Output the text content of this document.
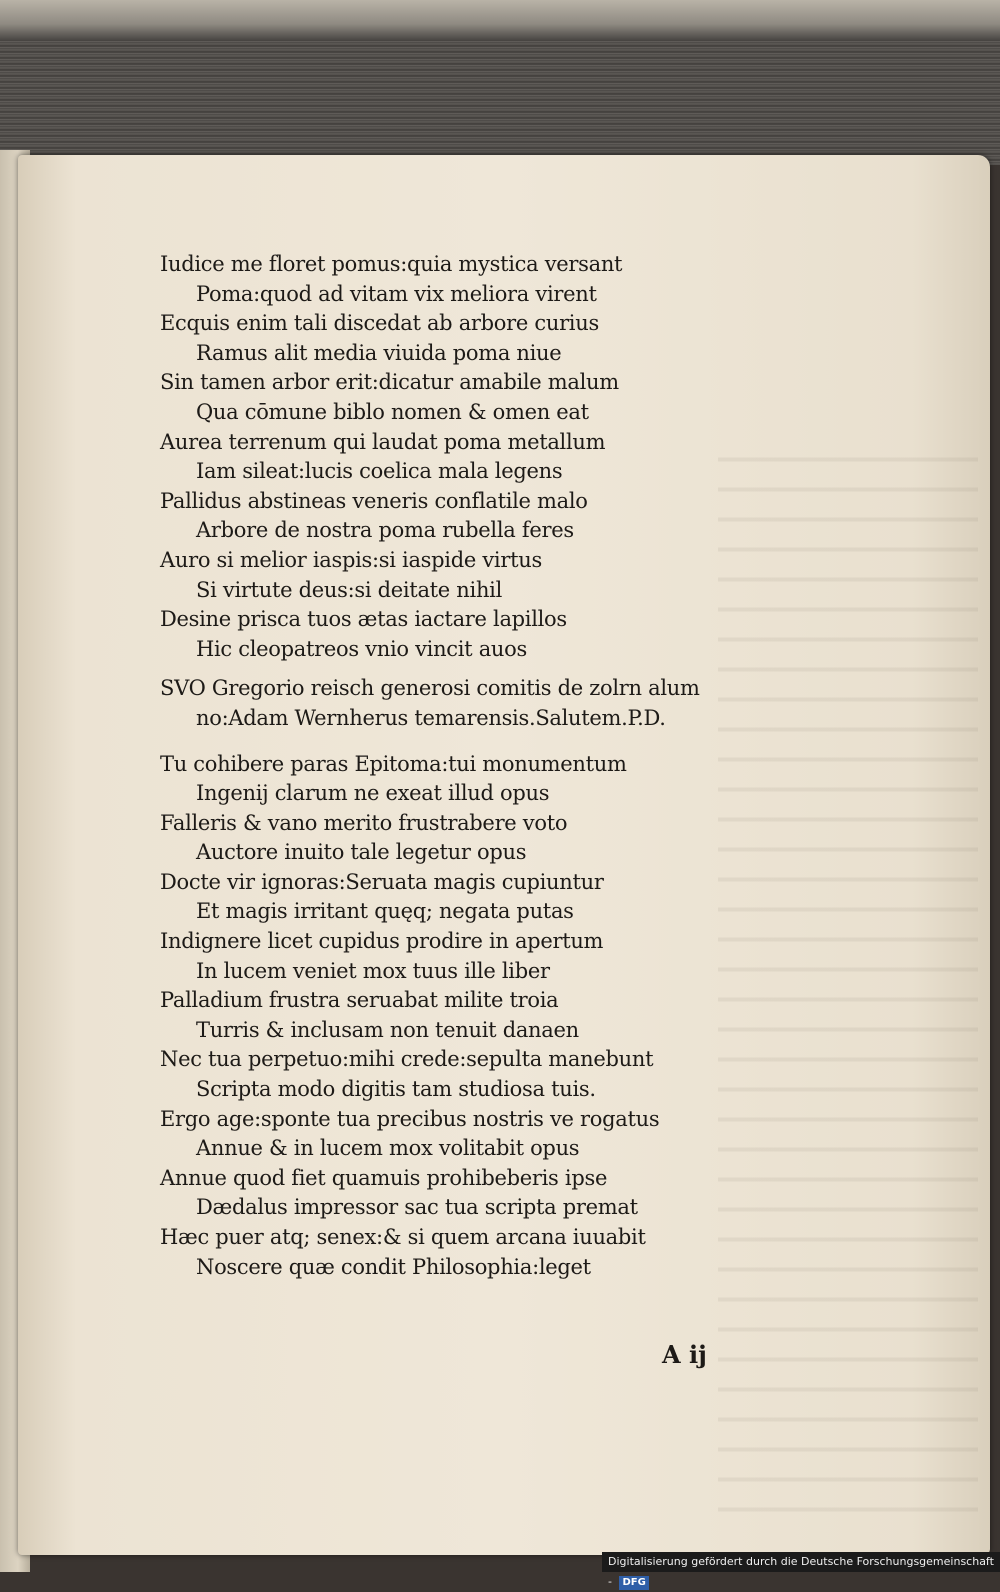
Iudice me floret pomus:quia mystica versant

Poma:quod ad vitam vix meliora virent

Ecquis enim tali discedat ab arbore curius

Ramus alit media viuida poma niue

Sin tamen arbor erit:dicatur amabile malum

Qua cōmune biblo nomen & omen eat

Aurea terrenum qui laudat poma metallum

Iam sileat:lucis coelica mala legens

Pallidus abstineas veneris conflatile malo

Arbore de nostra poma rubella feres

Auro si melior iaspis:si iaspide virtus

Si virtute deus:si deitate nihil

Desine prisca tuos ætas iactare lapillos

Hic cleopatreos vnio vincit auos

SVO Gregorio reisch generosi comitis de zolrn alum

no:Adam Wernherus temarensis.Salutem.P.D.

Tu cohibere paras Epitoma:tui monumentum

Ingenij clarum ne exeat illud opus

Falleris & vano merito frustrabere voto

Auctore inuito tale legetur opus

Docte vir ignoras:Seruata magis cupiuntur

Et magis irritant quęq; negata putas

Indignere licet cupidus prodire in apertum

In lucem veniet mox tuus ille liber

Palladium frustra seruabat milite troia

Turris & inclusam non tenuit danaen

Nec tua perpetuo:mihi crede:sepulta manebunt

Scripta modo digitis tam studiosa tuis.

Ergo age:sponte tua precibus nostris ve rogatus

Annue & in lucem mox volitabit opus

Annue quod fiet quamuis prohibeberis ipse

Dædalus impressor sac tua scripta premat

Hæc puer atq; senex:& si quem arcana iuuabit

Noscere quæ condit Philosophia:leget

A ij
Digitalisierung gefördert durch die Deutsche Forschungsgemeinschaft - DFG
